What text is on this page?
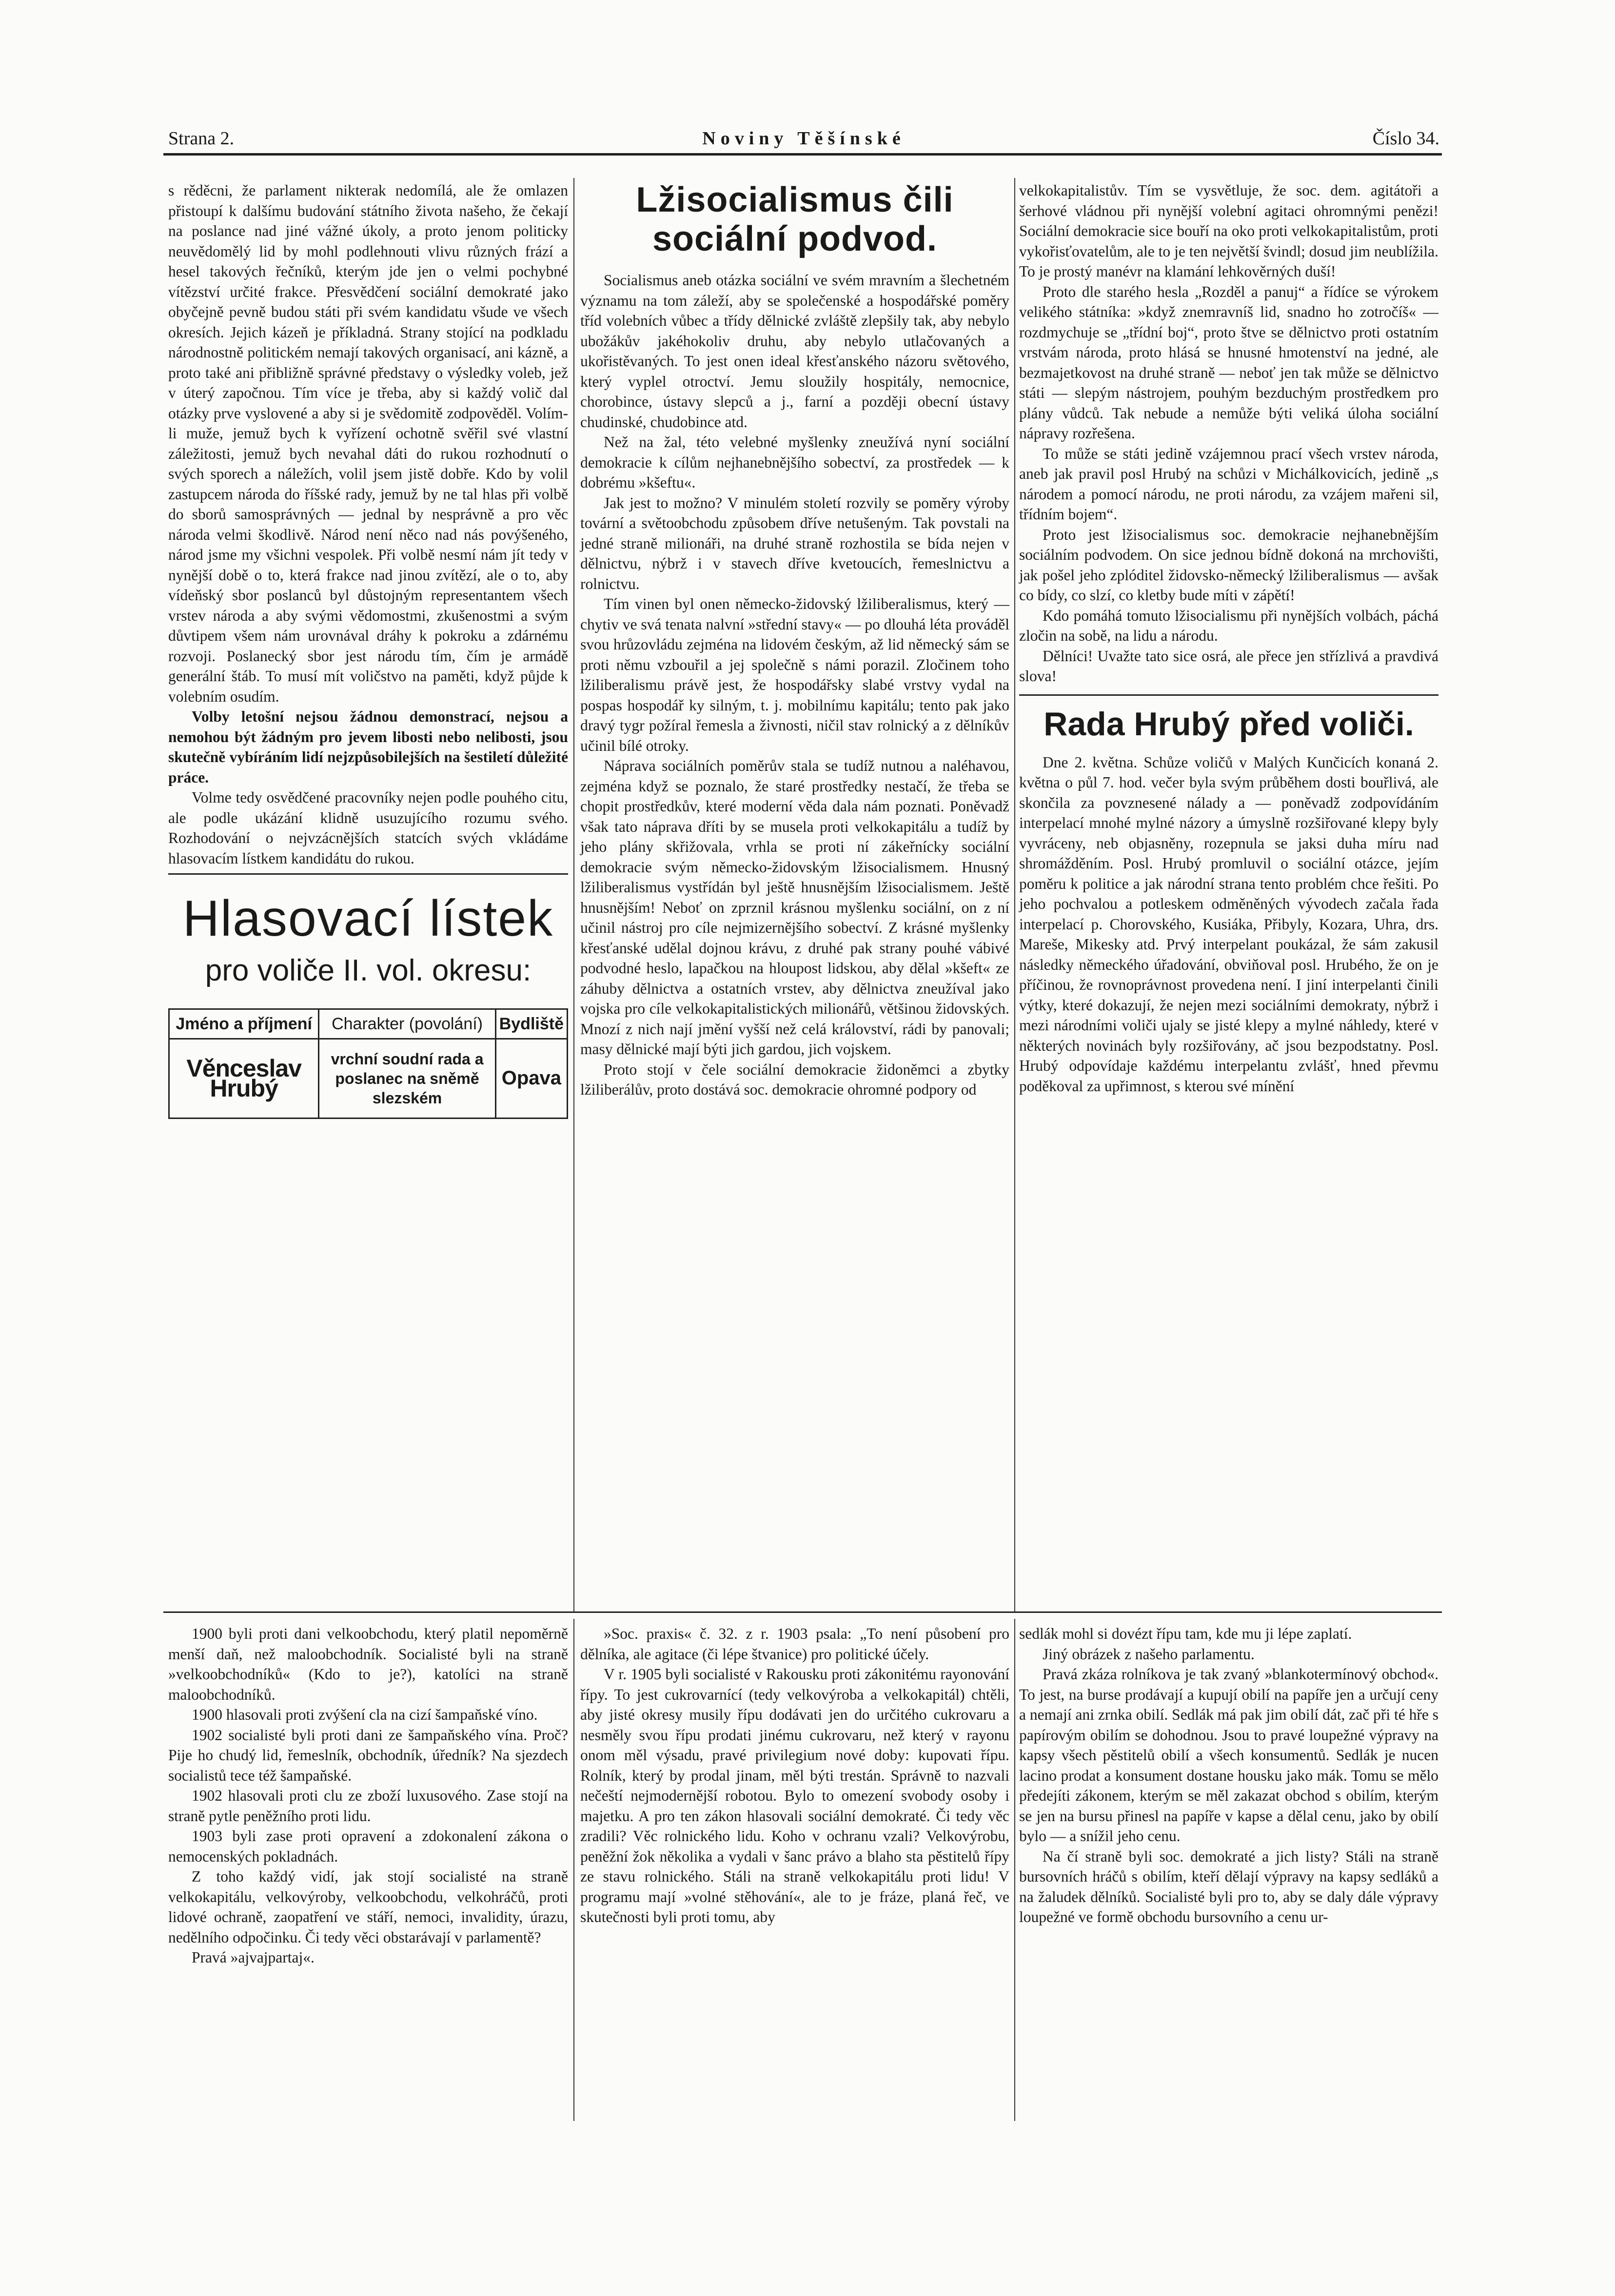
Strana 2.	Noviny Těšínské	Číslo 34.

s rěděcni, že parlament nikterak nedomílá, ale že omlazen přistoupí k dalšímu budování státního života našeho, že čekají na poslance nad jiné vážné úkoly, a proto jenom politicky neuvědomělý lid by mohl podlehnouti vlivu různých frází a hesel takových řečníků, kterým jde jen o velmi pochybné vítězství určité frakce. Přesvědčení sociální demokraté jako obyčejně pevně budou státi při svém kandidatu všude ve všech okresích. Jejich kázeň je příkladná. Strany stojící na podkladu národnostně politickém nemají takových organisací, ani kázně, a proto také ani přibližně správné představy o výsledky voleb, jež v úterý započnou. Tím více je třeba, aby si každý volič dal otázky prve vyslovené a aby si je svědomitě zodpověděl. Volím-li muže, jemuž bych k vyřízení ochotně svěřil své vlastní záležitosti, jemuž bych nevahal dáti do rukou rozhodnutí o svých sporech a náležích, volil jsem jistě dobře. Kdo by volil zastupcem národa do říšské rady, jemuž by ne tal hlas při volbě do sborů samosprávných — jednal by nesprávně a pro věc národa velmi škodlivě. Národ není něco nad nás povýšeného, národ jsme my všichni vespolek. Při volbě nesmí nám jít tedy v nynější době o to, která frakce nad jinou zvítězí, ale o to, aby vídeňský sbor poslanců byl důstojným representantem všech vrstev národa a aby svými vědomostmi, zkušenostmi a svým důvtipem všem nám urovnával dráhy k pokroku a zdárnému rozvoji. Poslanecký sbor jest národu tím, čím je armádě generální štáb. To musí mít voličstvo na paměti, když půjde k volebním osudím.

Volby letošní nejsou žádnou demonstrací, nejsou a nemohou být žádným pro jevem libosti nebo nelibosti, jsou skutečně vybíráním lidí nejzpůsobilejších na šestiletí důležité práce.

Volme tedy osvědčené pracovníky nejen podle pouhého citu, ale podle ukázání klidně usuzujícího rozumu svého. Rozhodování o nejvzácnějších statcích svých vkládáme hlasovacím lístkem kandidátu do rukou.

Hlasovací lístek
pro voliče II. vol. okresu:
Jméno a příjmení	Charakter (povolání)	Bydliště
Věnceslav Hrubý	vrchní soudní rada a poslanec na sněmě slezském	Opava
Lžisocialismus čili sociální podvod.

Socialismus aneb otázka sociální ve svém mravním a šlechetném významu na tom záleží, aby se společenské a hospodářské poměry tříd volebních vůbec a třídy dělnické zvláště zlepšily tak, aby nebylo ubožákův jakéhokoliv druhu, aby nebylo utlačovaných a ukořistěvaných. To jest onen ideal křesťanského názoru světového, který vyplel otroctví. Jemu sloužily hospitály, nemocnice, chorobince, ústavy slepců a j., farní a později obecní ústavy chudinské, chudobince atd.

Než na žal, této velebné myšlenky zneužívá nyní sociální demokracie k cílům nejhanebnějšího sobectví, za prostředek — k dobrému »kšeftu«.

Jak jest to možno? V minulém století rozvily se poměry výroby tovární a světoobchodu způsobem dříve netušeným. Tak povstali na jedné straně milionáři, na druhé straně rozhostila se bída nejen v dělnictvu, nýbrž i v stavech dříve kvetoucích, řemeslnictvu a rolnictvu.

Tím vinen byl onen německo-židovský lžiliberalismus, který — chytiv ve svá tenata nalvní »střední stavy« — po dlouhá léta prováděl svou hrůzovládu zejména na lidovém českým, až lid německý sám se proti němu vzbouřil a jej společně s námi porazil. Zločinem toho lžiliberalismu právě jest, že hospodářsky slabé vrstvy vydal na pospas hospodář ky silným, t. j. mobilnímu kapitálu; tento pak jako dravý tygr požíral řemesla a živnosti, ničil stav rolnický a z dělníkův učinil bílé otroky.

Náprava sociálních poměrův stala se tudíž nutnou a naléhavou, zejména když se poznalo, že staré prostředky nestačí, že třeba se chopit prostředkův, které moderní věda dala nám poznati. Poněvadž však tato náprava dříti by se musela proti velkokapitálu a tudíž by jeho plány skřižovala, vrhla se proti ní zákeřnícky sociální demokracie svým německo-židovským lžisocialismem. Hnusný lžiliberalismus vystřídán byl ještě hnusnějším lžisocialismem. Ještě hnusnějším! Neboť on zprznil krásnou myšlenku sociální, on z ní učinil nástroj pro cíle nejmizernějšího sobectví. Z krásné myšlenky křesťanské udělal dojnou krávu, z druhé pak strany pouhé vábivé podvodné heslo, lapačkou na hloupost lidskou, aby dělal »kšeft« ze záhuby dělnictva a ostatních vrstev, aby dělnictva zneužíval jako vojska pro cíle velkokapitalistických milionářů, většinou židovských. Mnozí z nich nají jmění vyšší než celá království, rádi by panovali; masy dělnické mají býti jich gardou, jich vojskem.

Proto stojí v čele sociální demokracie židoněmci a zbytky lžiliberálův, proto dostává soc. demokracie ohromné podpory od

velkokapitalistův. Tím se vysvětluje, že soc. dem. agitátoři a šerhové vládnou při nynější volební agitaci ohromnými penězi! Sociální demokracie sice bouří na oko proti velkokapitalistům, proti vykořisťovatelům, ale to je ten největší švindl; dosud jim neublížila. To je prostý manévr na klamání lehkověrných duší!

Proto dle starého hesla „Rozděl a panuj“ a řídíce se výrokem velikého státníka: »když znemravníš lid, snadno ho zotročíš« — rozdmychuje se „třídní boj“, proto štve se dělnictvo proti ostatním vrstvám národa, proto hlásá se hnusné hmotenství na jedné, ale bezmajetkovost na druhé straně — neboť jen tak může se dělnictvo státi — slepým nástrojem, pouhým bezduchým prostředkem pro plány vůdců. Tak nebude a nemůže býti veliká úloha sociální nápravy rozřešena.

To může se státi jedině vzájemnou prací všech vrstev národa, aneb jak pravil posl Hrubý na schůzi v Michálkovicích, jedině „s národem a pomocí národu, ne proti národu, za vzájem mařeni sil, třídním bojem“.

Proto jest lžisocialismus soc. demokracie nejhanebnějším sociálním podvodem. On sice jednou bídně dokoná na mrchovišti, jak pošel jeho zplóditel židovsko-německý lžiliberalismus — avšak co bídy, co slzí, co kletby bude míti v zápětí!

Kdo pomáhá tomuto lžisocialismu při nynějších volbách, páchá zločin na sobě, na lidu a národu.

Dělníci! Uvažte tato sice osrá, ale přece jen střízlivá a pravdivá slova!

Rada Hrubý před voliči.

Dne 2. května. Schůze voličů v Malých Kunčicích konaná 2. května o půl 7. hod. večer byla svým průběhem dosti bouřlivá, ale skončila za povznesené nálady a — poněvadž zodpovídáním interpelací mnohé mylné názory a úmyslně rozšiřované klepy byly vyvráceny, neb objasněny, rozepnula se jaksi duha míru nad shromážděním. Posl. Hrubý promluvil o sociální otázce, jejím poměru k politice a jak národní strana tento problém chce řešiti. Po jeho pochvalou a potleskem odměněných vývodech začala řada interpelací p. Chorovského, Kusiáka, Přibyly, Kozara, Uhra, drs. Mareše, Mikesky atd. Prvý interpelant poukázal, že sám zakusil následky německého úřadování, obviňoval posl. Hrubého, že on je příčinou, že rovnoprávnost provedena není. I jiní interpelanti činili výtky, které dokazují, že nejen mezi sociálními demokraty, nýbrž i mezi národními voliči ujaly se jisté klepy a mylné náhledy, které v některých novinách byly rozšiřovány, ač jsou bezpodstatny. Posl. Hrubý odpovídaje každému interpelantu zvlášť, hned převmu poděkoval za upřimnost, s kterou své mínění

1900 byli proti dani velkoobchodu, který platil nepoměrně menší daň, než maloobchodník. Socialisté byli na straně »velkoobchodníků« (Kdo to je?), katolíci na straně maloobchodníků.

1900 hlasovali proti zvýšení cla na cizí šampaňské víno.

1902 socialisté byli proti dani ze šampaňského vína. Proč? Pije ho chudý lid, řemeslník, obchodník, úředník? Na sjezdech socialistů tece též šampaňské.

1902 hlasovali proti clu ze zboží luxusového. Zase stojí na straně pytle peněžního proti lidu.

1903 byli zase proti opravení a zdokonalení zákona o nemocenských pokladnách.

Z toho každý vidí, jak stojí socialisté na straně velkokapitálu, velkovýroby, velkoobchodu, velkohráčů, proti lidové ochraně, zaopatření ve stáří, nemoci, invalidity, úrazu, nedělního odpočinku. Či tedy věci obstarávají v parlamentě?

Pravá »ajvajpartaj«.

»Soc. praxis« č. 32. z r. 1903 psala: „To není působení pro dělníka, ale agitace (či lépe štvanice) pro politické účely.

V r. 1905 byli socialisté v Rakousku proti zákonitému rayonování řípy. To jest cukrovarnící (tedy velkovýroba a velkokapitál) chtěli, aby jisté okresy musily řípu dodávati jen do určitého cukrovaru a nesměly svou řípu prodati jinému cukrovaru, než který v rayonu onom měl výsadu, pravé privilegium nové doby: kupovati řípu. Rolník, který by prodal jinam, měl býti trestán. Správně to nazvali nečeští nejmodernější robotou. Bylo to omezení svobody osoby i majetku. A pro ten zákon hlasovali sociální demokraté. Či tedy věc zradili? Věc rolnického lidu. Koho v ochranu vzali? Velkovýrobu, peněžní žok několika a vydali v šanc právo a blaho sta pěstitelů řípy ze stavu rolnického. Stáli na straně velkokapitálu proti lidu! V programu mají »volné stěhování«, ale to je fráze, planá řeč, ve skutečnosti byli proti tomu, aby

sedlák mohl si dovézt řípu tam, kde mu ji lépe zaplatí.

Jiný obrázek z našeho parlamentu.

Pravá zkáza rolníkova je tak zvaný »blankotermínový obchod«. To jest, na burse prodávají a kupují obilí na papíře jen a určují ceny a nemají ani zrnka obilí. Sedlák má pak jim obilí dát, zač při té hře s papírovým obilím se dohodnou. Jsou to pravé loupežné výpravy na kapsy všech pěstitelů obilí a všech konsumentů. Sedlák je nucen lacino prodat a konsument dostane housku jako mák. Tomu se mělo předejíti zákonem, kterým se měl zakazat obchod s obilím, kterým se jen na bursu přinesl na papíře v kapse a dělal cenu, jako by obilí bylo — a snížil jeho cenu.

Na čí straně byli soc. demokraté a jich listy? Stáli na straně bursovních hráčů s obilím, kteří dělají výpravy na kapsy sedláků a na žaludek dělníků. Socialisté byli pro to, aby se daly dále výpravy loupežné ve formě obchodu bursovního a cenu ur-
